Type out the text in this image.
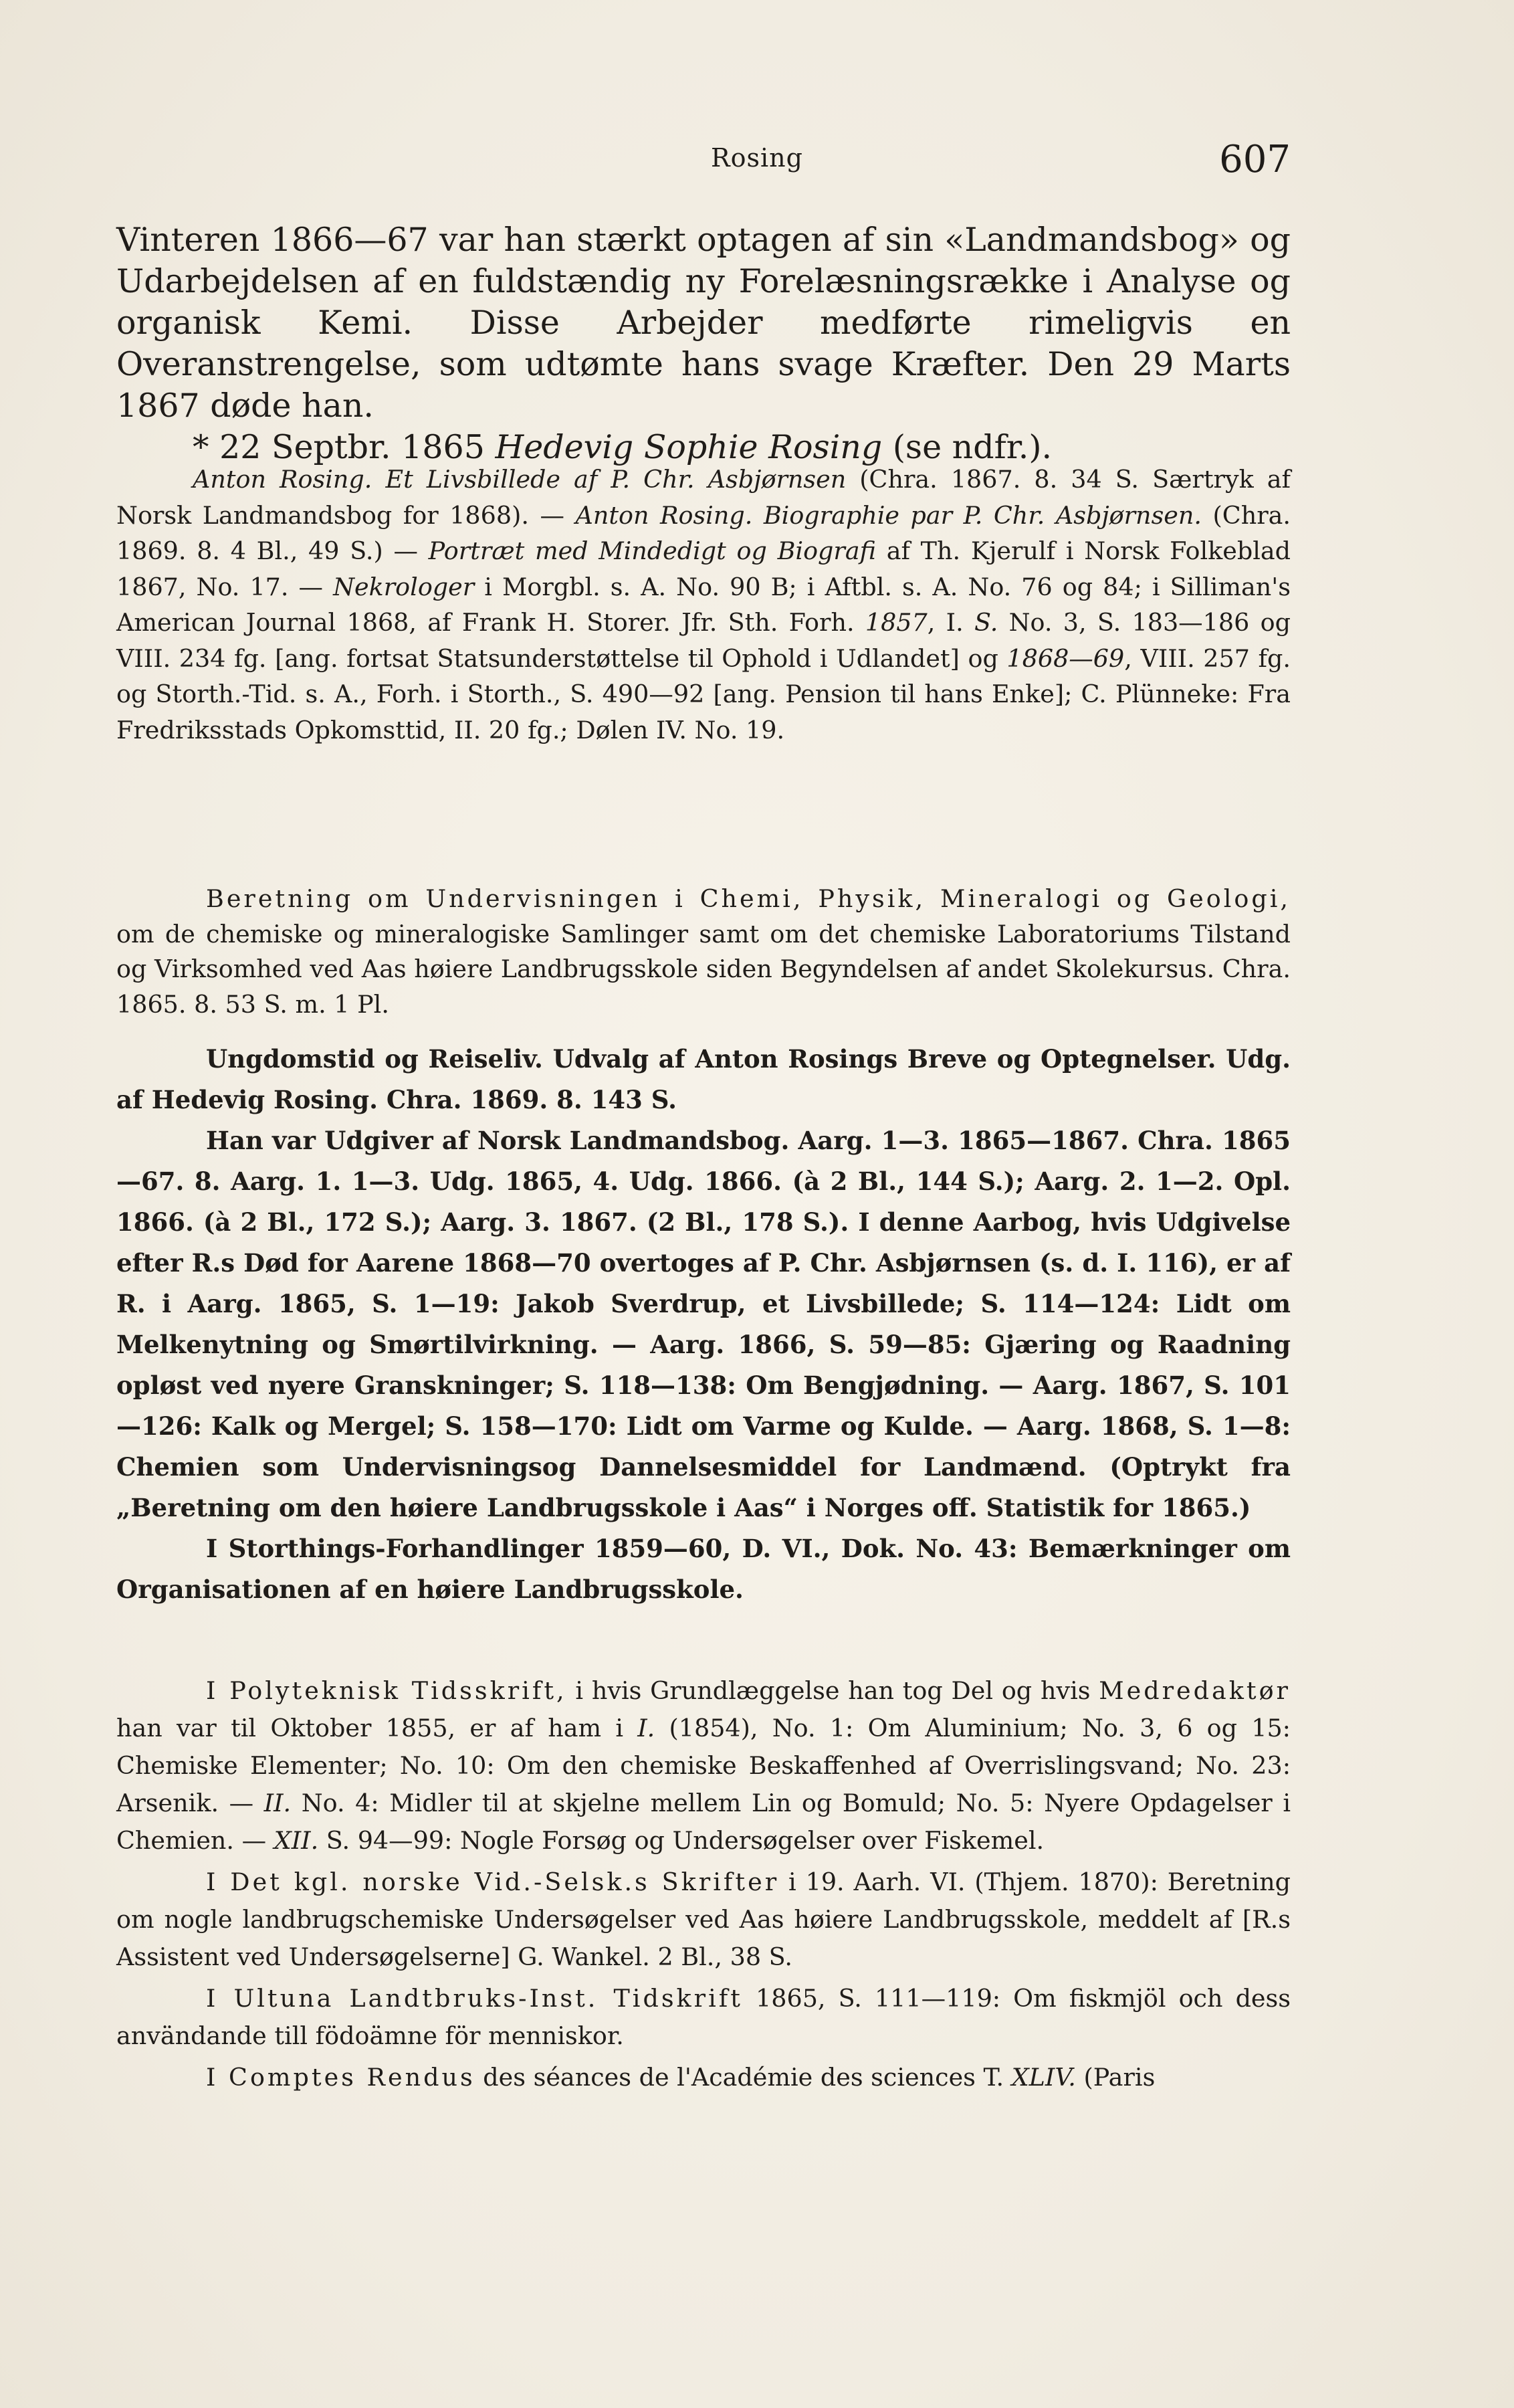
Rosing	607

Vinteren 1866—67 var han stærkt optagen af sin «Landmandsbog» og Udarbejdelsen af en fuldstændig ny Forelæsningsrække i Analyse og organisk Kemi. Disse Arbejder medførte rimeligvis en Overanstrengelse, som udtømte hans svage Kræfter. Den 29 Marts 1867 døde han.

* 22 Septbr. 1865 Hedevig Sophie Rosing (se ndfr.).

Anton Rosing. Et Livsbillede af P. Chr. Asbjørnsen (Chra. 1867. 8. 34 S. Særtryk af Norsk Landmandsbog for 1868). — Anton Rosing. Biographie par P. Chr. Asbjørnsen. (Chra. 1869. 8. 4 Bl., 49 S.) — Portræt med Mindedigt og Biografi af Th. Kjerulf i Norsk Folkeblad 1867, No. 17. — Nekrologer i Morgbl. s. A. No. 90 B; i Aftbl. s. A. No. 76 og 84; i Silliman's American Journal 1868, af Frank H. Storer. Jfr. Sth. Forh. 1857, I. S. No. 3, S. 183—186 og VIII. 234 fg. [ang. fortsat Statsunderstøttelse til Ophold i Udlandet] og 1868—69, VIII. 257 fg. og Storth.-Tid. s. A., Forh. i Storth., S. 490—92 [ang. Pension til hans Enke]; C. Plünneke: Fra Fredriksstads Opkomsttid, II. 20 fg.; Dølen IV. No. 19.

Beretning om Undervisningen i Chemi, Physik, Mineralogi og Geologi, om de chemiske og mineralogiske Samlinger samt om det chemiske Laboratoriums Tilstand og Virksomhed ved Aas høiere Landbrugsskole siden Begyndelsen af andet Skolekursus. Chra. 1865. 8. 53 S. m. 1 Pl.

Ungdomstid og Reiseliv. Udvalg af Anton Rosings Breve og Optegnelser. Udg. af Hedevig Rosing. Chra. 1869. 8. 143 S.

Han var Udgiver af Norsk Landmandsbog. Aarg. 1—3. 1865—1867. Chra. 1865—67. 8. Aarg. 1. 1—3. Udg. 1865, 4. Udg. 1866. (à 2 Bl., 144 S.); Aarg. 2. 1—2. Opl. 1866. (à 2 Bl., 172 S.); Aarg. 3. 1867. (2 Bl., 178 S.). I denne Aarbog, hvis Udgivelse efter R.s Død for Aarene 1868—70 overtoges af P. Chr. Asbjørnsen (s. d. I. 116), er af R. i Aarg. 1865, S. 1—19: Jakob Sverdrup, et Livsbillede; S. 114—124: Lidt om Melkenytning og Smørtilvirkning. — Aarg. 1866, S. 59—85: Gjæring og Raadning opløst ved nyere Granskninger; S. 118—138: Om Bengjødning. — Aarg. 1867, S. 101—126: Kalk og Mergel; S. 158—170: Lidt om Varme og Kulde. — Aarg. 1868, S. 1—8: Chemien som Undervisningsog Dannelsesmiddel for Landmænd. (Optrykt fra „Beretning om den høiere Landbrugsskole i Aas“ i Norges off. Statistik for 1865.)

I Storthings-Forhandlinger 1859—60, D. VI., Dok. No. 43: Bemærkninger om Organisationen af en høiere Landbrugsskole.

I Polyteknisk Tidsskrift, i hvis Grundlæggelse han tog Del og hvis Medredaktør han var til Oktober 1855, er af ham i I. (1854), No. 1: Om Aluminium; No. 3, 6 og 15: Chemiske Elementer; No. 10: Om den chemiske Beskaffenhed af Overrislingsvand; No. 23: Arsenik. — II. No. 4: Midler til at skjelne mellem Lin og Bomuld; No. 5: Nyere Opdagelser i Chemien. — XII. S. 94—99: Nogle Forsøg og Undersøgelser over Fiskemel.

I Det kgl. norske Vid.-Selsk.s Skrifter i 19. Aarh. VI. (Thjem. 1870): Beretning om nogle landbrugschemiske Undersøgelser ved Aas høiere Landbrugsskole, meddelt af [R.s Assistent ved Undersøgelserne] G. Wankel. 2 Bl., 38 S.

I Ultuna Landtbruks-Inst. Tidskrift 1865, S. 111—119: Om fiskmjöl och dess användande till födoämne för menniskor.

I Comptes Rendus des séances de l'Académie des sciences T. XLIV. (Paris
